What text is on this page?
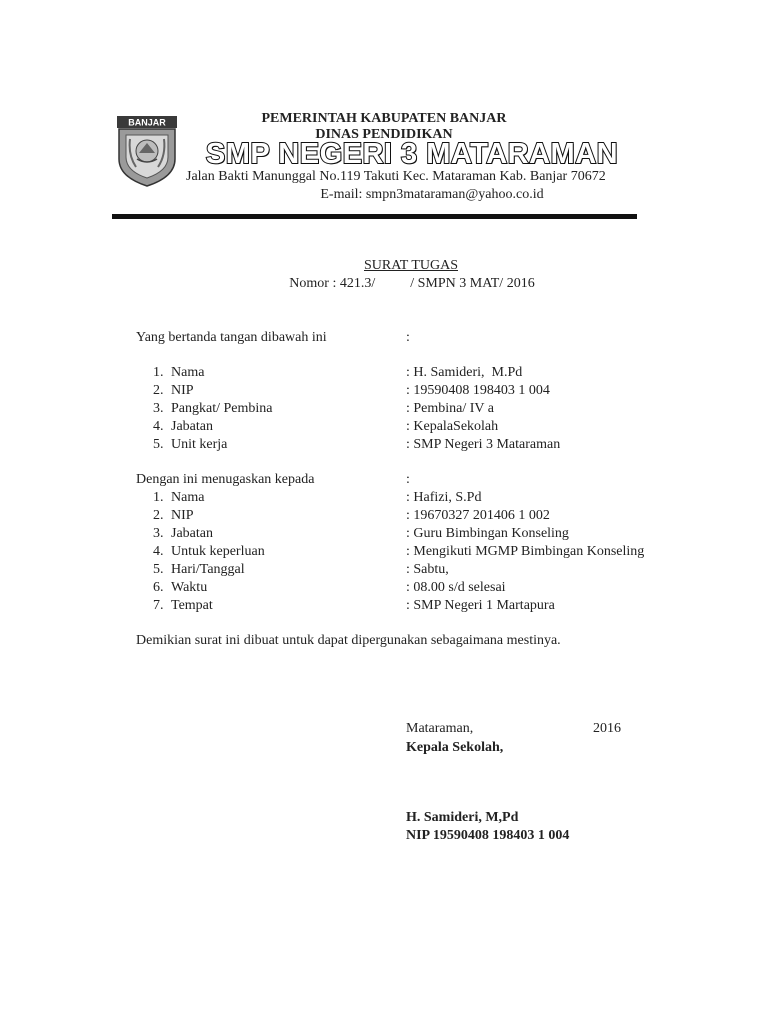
BANJAR	PEMERINTAH KABUPATEN BANJAR
DINAS PENDIDIKAN
SMP NEGERI 3 MATARAMAN
Jalan Bakti Manunggal No.119 Takuti Kec. Mataraman Kab. Banjar 70672
E-mail: smpn3mataraman@yahoo.co.id
SURAT TUGAS
Nomor : 421.3/          / SMPN 3 MAT/ 2016
Yang bertanda tangan dibawah ini	:
1. Nama	: H. Samideri,  M.Pd
2. NIP	: 19590408 198403 1 004
3. Pangkat/ Pembina	: Pembina/ IV a
4. Jabatan	: KepalaSekolah
5. Unit kerja	: SMP Negeri 3 Mataraman
Dengan ini menugaskan kepada	:
1. Nama	: Hafizi, S.Pd
2. NIP	: 19670327 201406 1 002
3. Jabatan	: Guru Bimbingan Konseling
4. Untuk keperluan	: Mengikuti MGMP Bimbingan Konseling
5. Hari/Tanggal	: Sabtu,
6. Waktu	: 08.00 s/d selesai
7. Tempat	: SMP Negeri 1 Martapura
Demikian surat ini dibuat untuk dapat dipergunakan sebagaimana mestinya.
Mataraman,	2016
Kepala Sekolah,
H. Samideri, M,Pd
NIP 19590408 198403 1 004
